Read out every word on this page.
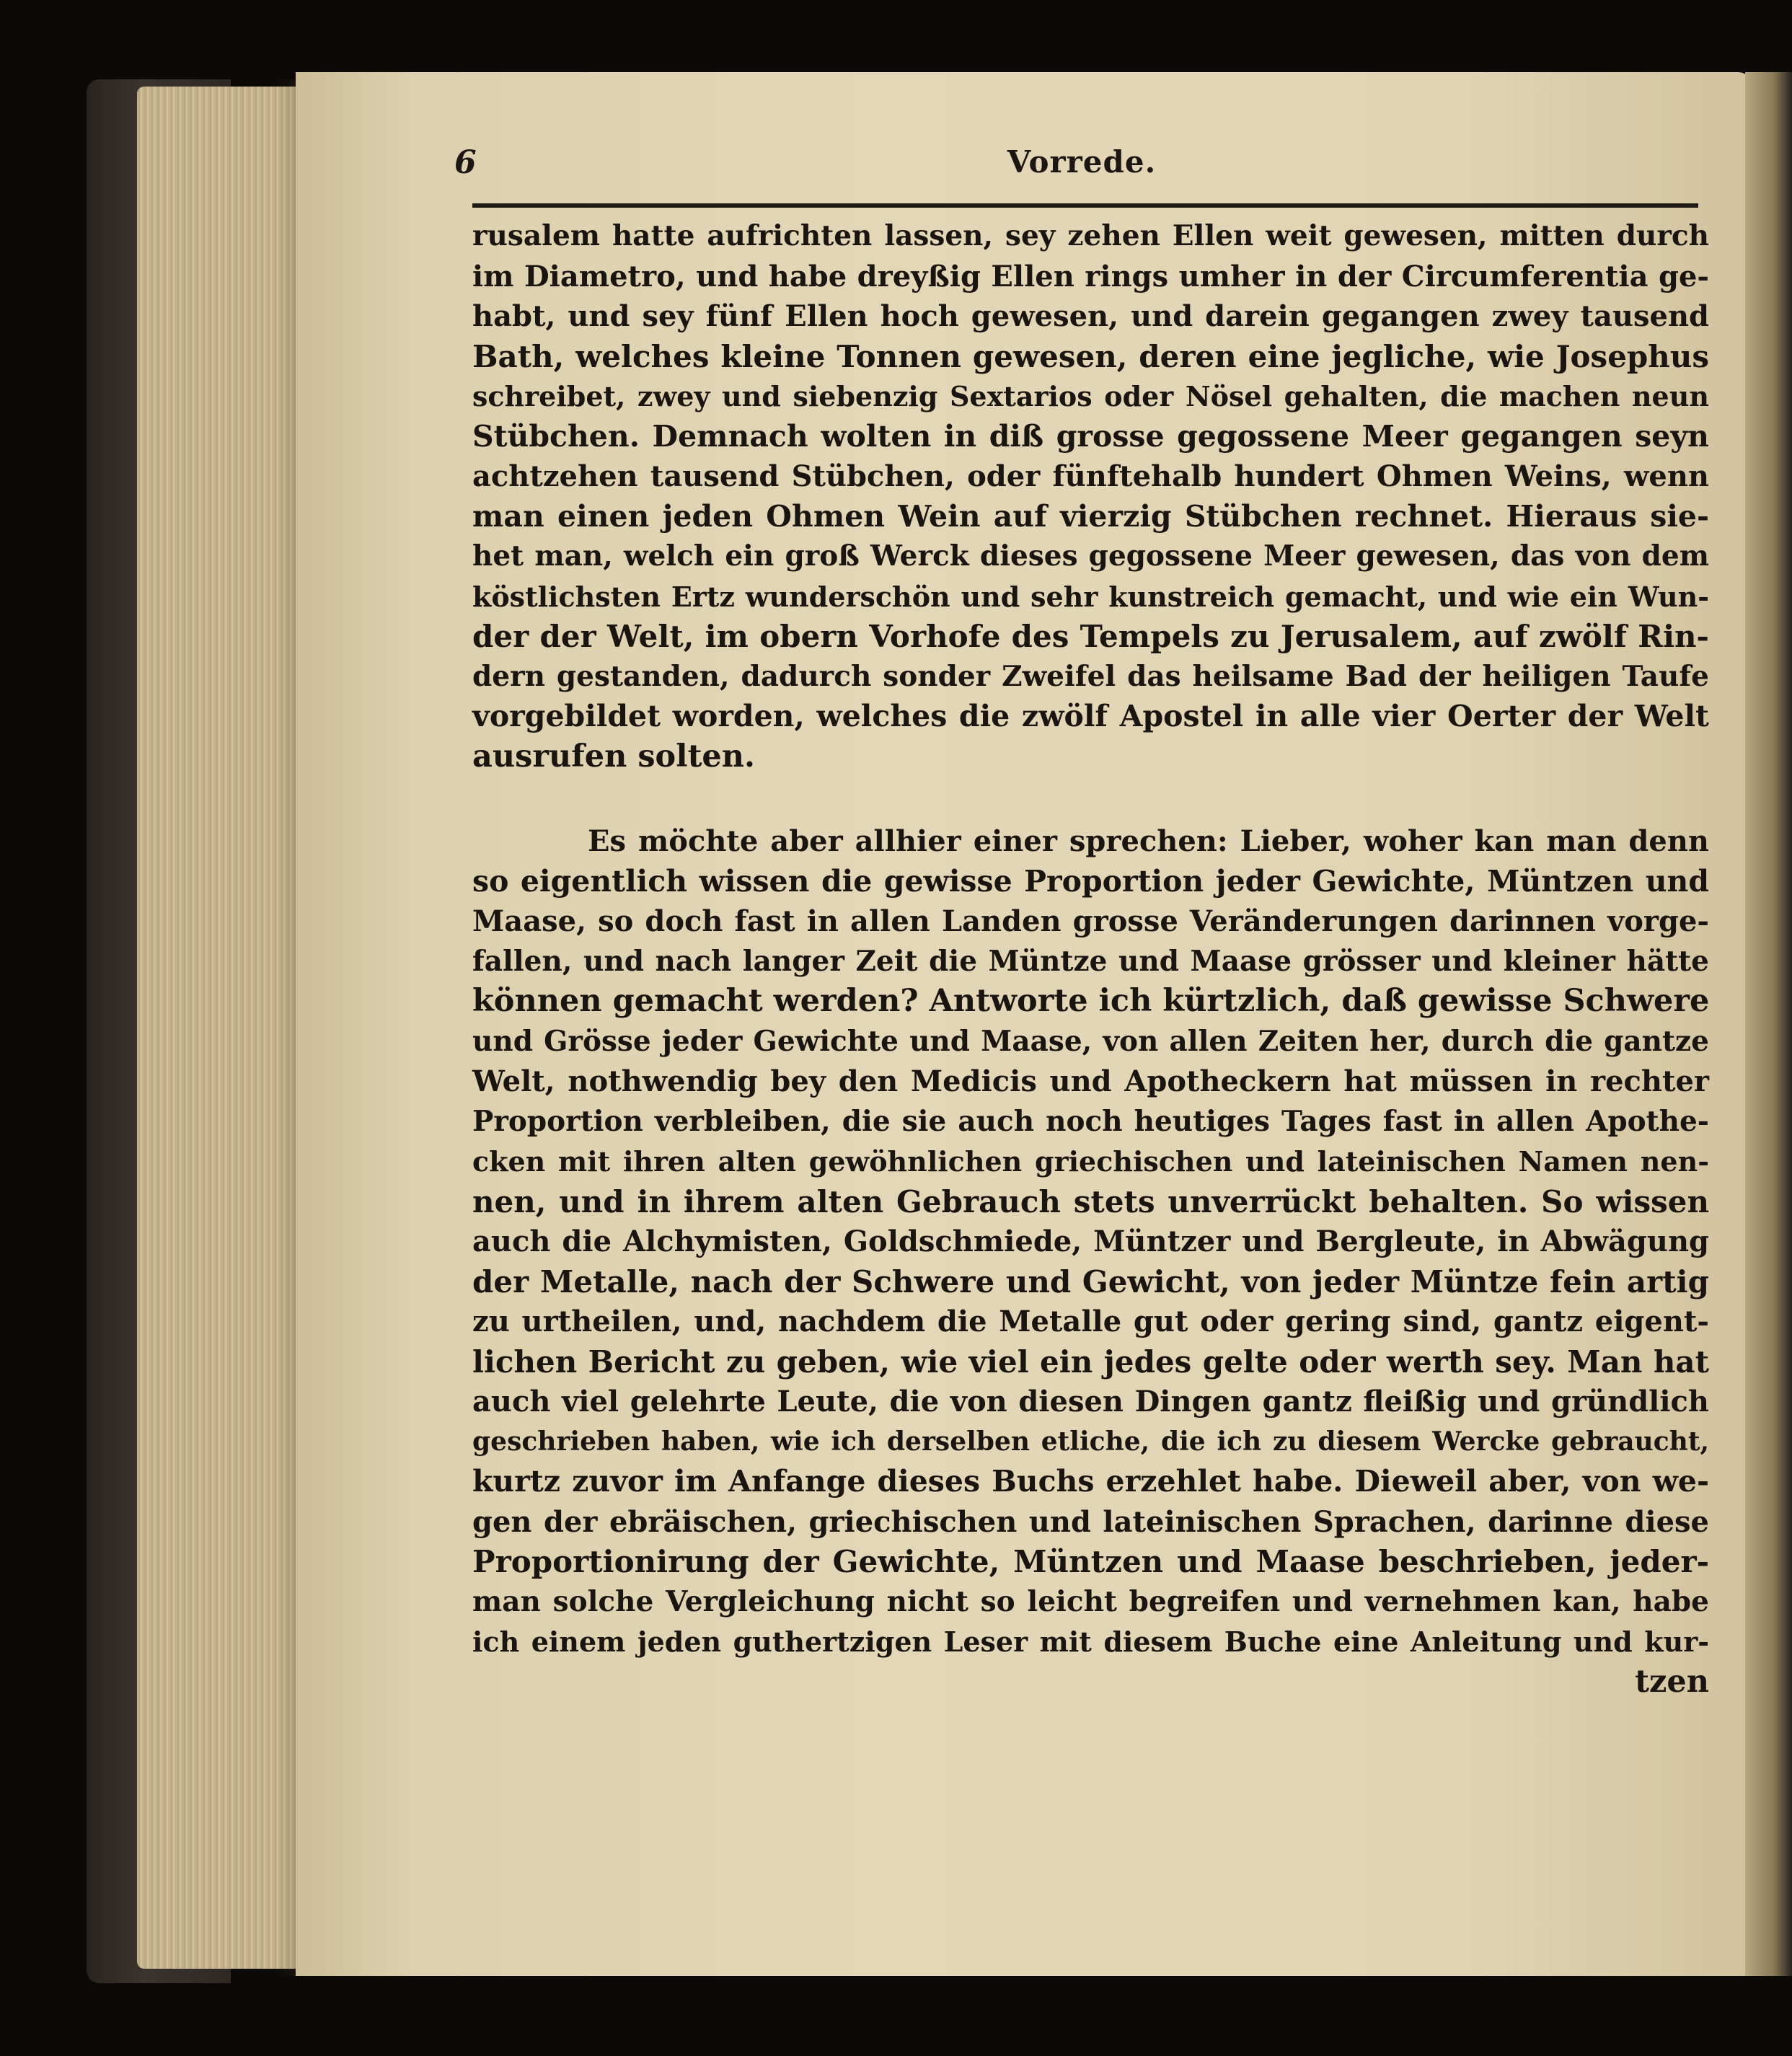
6	Vorrede.
rusalem hatte aufrichten lassen, sey zehen Ellen weit gewesen, mitten durch
im Diametro, und habe dreyßig Ellen rings umher in der Circumferentia ge-
habt, und sey fünf Ellen hoch gewesen, und darein gegangen zwey tausend
Bath, welches kleine Tonnen gewesen, deren eine jegliche, wie Josephus
schreibet, zwey und siebenzig Sextarios oder Nösel gehalten, die machen neun
Stübchen. Demnach wolten in diß grosse gegossene Meer gegangen seyn
achtzehen tausend Stübchen, oder fünftehalb hundert Ohmen Weins, wenn
man einen jeden Ohmen Wein auf vierzig Stübchen rechnet. Hieraus sie-
het man, welch ein groß Werck dieses gegossene Meer gewesen, das von dem
köstlichsten Ertz wunderschön und sehr kunstreich gemacht, und wie ein Wun-
der der Welt, im obern Vorhofe des Tempels zu Jerusalem, auf zwölf Rin-
dern gestanden, dadurch sonder Zweifel das heilsame Bad der heiligen Taufe
vorgebildet worden, welches die zwölf Apostel in alle vier Oerter der Welt
ausrufen solten.
Es möchte aber allhier einer sprechen: Lieber, woher kan man denn
so eigentlich wissen die gewisse Proportion jeder Gewichte, Müntzen und
Maase, so doch fast in allen Landen grosse Veränderungen darinnen vorge-
fallen, und nach langer Zeit die Müntze und Maase grösser und kleiner hätte
können gemacht werden? Antworte ich kürtzlich, daß gewisse Schwere
und Grösse jeder Gewichte und Maase, von allen Zeiten her, durch die gantze
Welt, nothwendig bey den Medicis und Apotheckern hat müssen in rechter
Proportion verbleiben, die sie auch noch heutiges Tages fast in allen Apothe-
cken mit ihren alten gewöhnlichen griechischen und lateinischen Namen nen-
nen, und in ihrem alten Gebrauch stets unverrückt behalten. So wissen
auch die Alchymisten, Goldschmiede, Müntzer und Bergleute, in Abwägung
der Metalle, nach der Schwere und Gewicht, von jeder Müntze fein artig
zu urtheilen, und, nachdem die Metalle gut oder gering sind, gantz eigent-
lichen Bericht zu geben, wie viel ein jedes gelte oder werth sey. Man hat
auch viel gelehrte Leute, die von diesen Dingen gantz fleißig und gründlich
geschrieben haben, wie ich derselben etliche, die ich zu diesem Wercke gebraucht,
kurtz zuvor im Anfange dieses Buchs erzehlet habe. Dieweil aber, von we-
gen der ebräischen, griechischen und lateinischen Sprachen, darinne diese
Proportionirung der Gewichte, Müntzen und Maase beschrieben, jeder-
man solche Vergleichung nicht so leicht begreifen und vernehmen kan, habe
ich einem jeden guthertzigen Leser mit diesem Buche eine Anleitung und kur-
tzen
